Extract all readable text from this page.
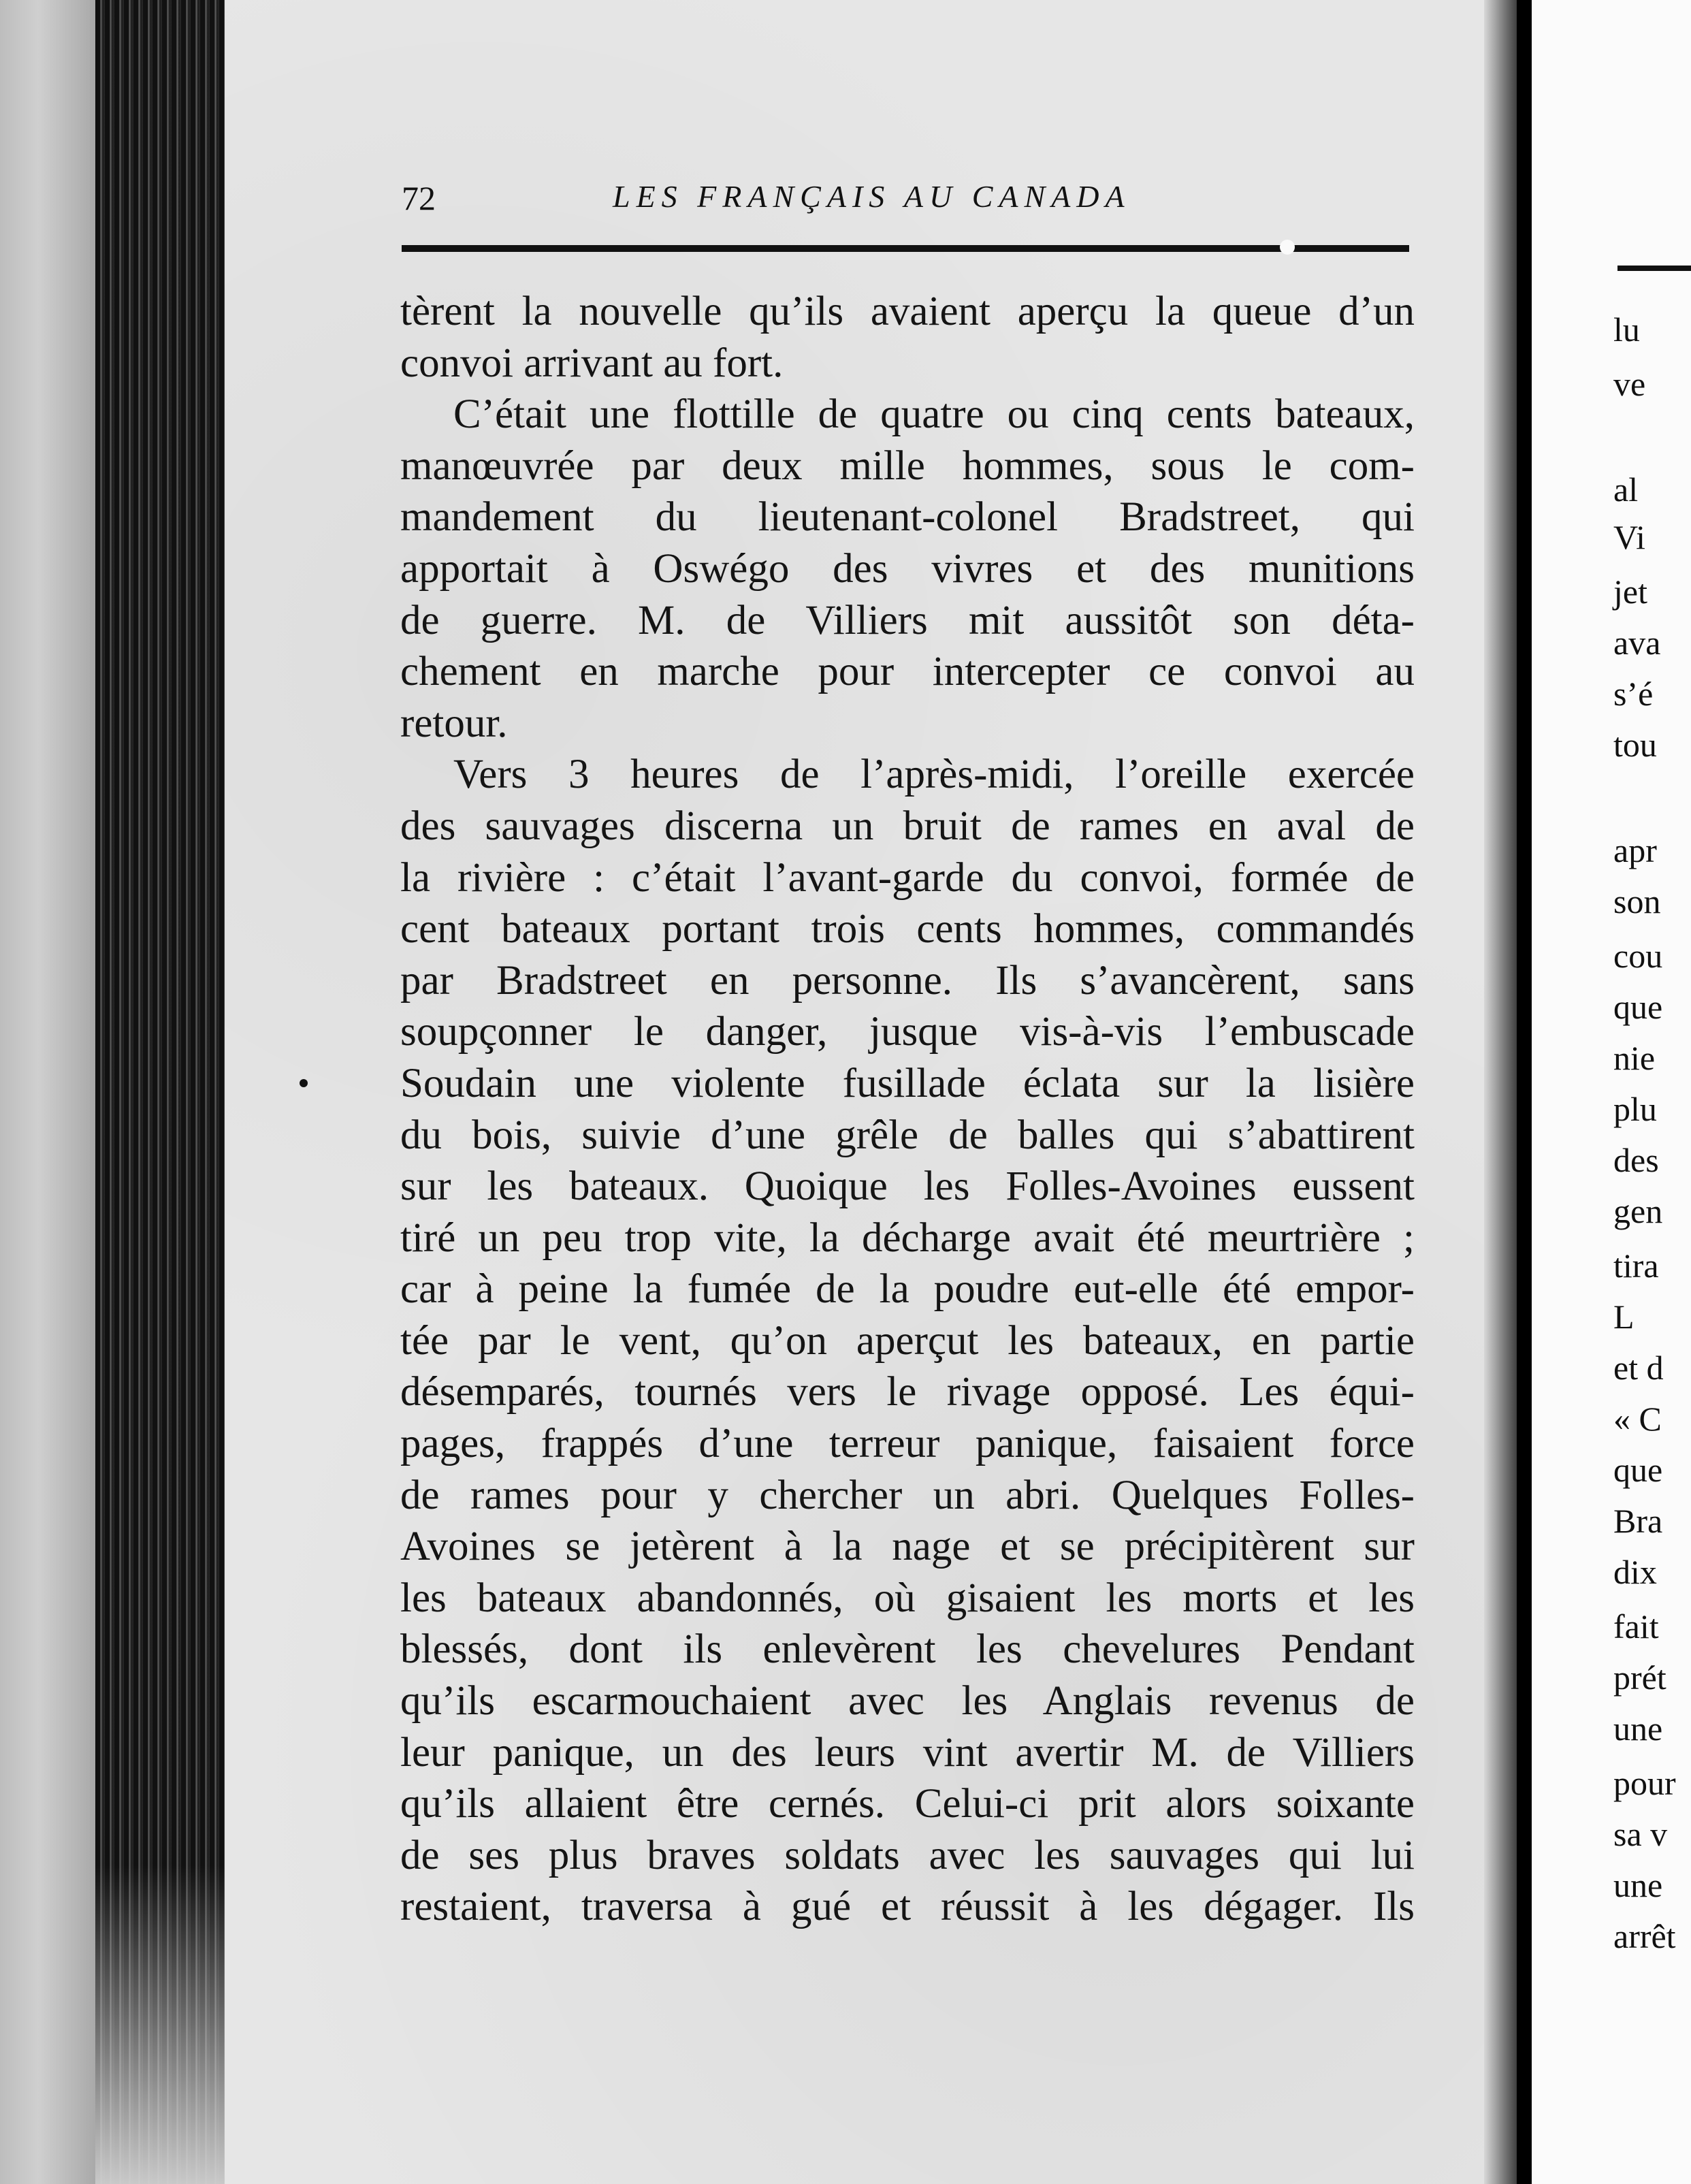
72	LES FRANÇAIS AU CANADA
tèrent la nouvelle qu’ils avaient aperçu la queue d’un
convoi arrivant au fort.
C’était une flottille de quatre ou cinq cents bateaux,
manœuvrée par deux mille hommes, sous le com-
mandement du lieutenant-colonel Bradstreet, qui
apportait à Oswégo des vivres et des munitions
de guerre. M. de Villiers mit aussitôt son déta-
chement en marche pour intercepter ce convoi au
retour.
Vers 3 heures de l’après-midi, l’oreille exercée
des sauvages discerna un bruit de rames en aval de
la rivière : c’était l’avant-garde du convoi, formée de
cent bateaux portant trois cents hommes, commandés
par Bradstreet en personne. Ils s’avancèrent, sans
soupçonner le danger, jusque vis-à-vis l’embuscade
Soudain une violente fusillade éclata sur la lisière
du bois, suivie d’une grêle de balles qui s’abattirent
sur les bateaux. Quoique les Folles-Avoines eussent
tiré un peu trop vite, la décharge avait été meurtrière ;
car à peine la fumée de la poudre eut-elle été empor-
tée par le vent, qu’on aperçut les bateaux, en partie
désemparés, tournés vers le rivage opposé. Les équi-
pages, frappés d’une terreur panique, faisaient force
de rames pour y chercher un abri. Quelques Folles-
Avoines se jetèrent à la nage et se précipitèrent sur
les bateaux abandonnés, où gisaient les morts et les
blessés, dont ils enlevèrent les chevelures Pendant
qu’ils escarmouchaient avec les Anglais revenus de
leur panique, un des leurs vint avertir M. de Villiers
qu’ils allaient être cernés. Celui-ci prit alors soixante
de ses plus braves soldats avec les sauvages qui lui
restaient, traversa à gué et réussit à les dégager. Ils
lu
ve
al
Vi
jet
ava
s’é
tou
apr
son
cou
que
nie
plu
des
gen
tira
L
et d
« C
que
Bra
dix
fait
prét
une
pour
sa v
une
arrêt
